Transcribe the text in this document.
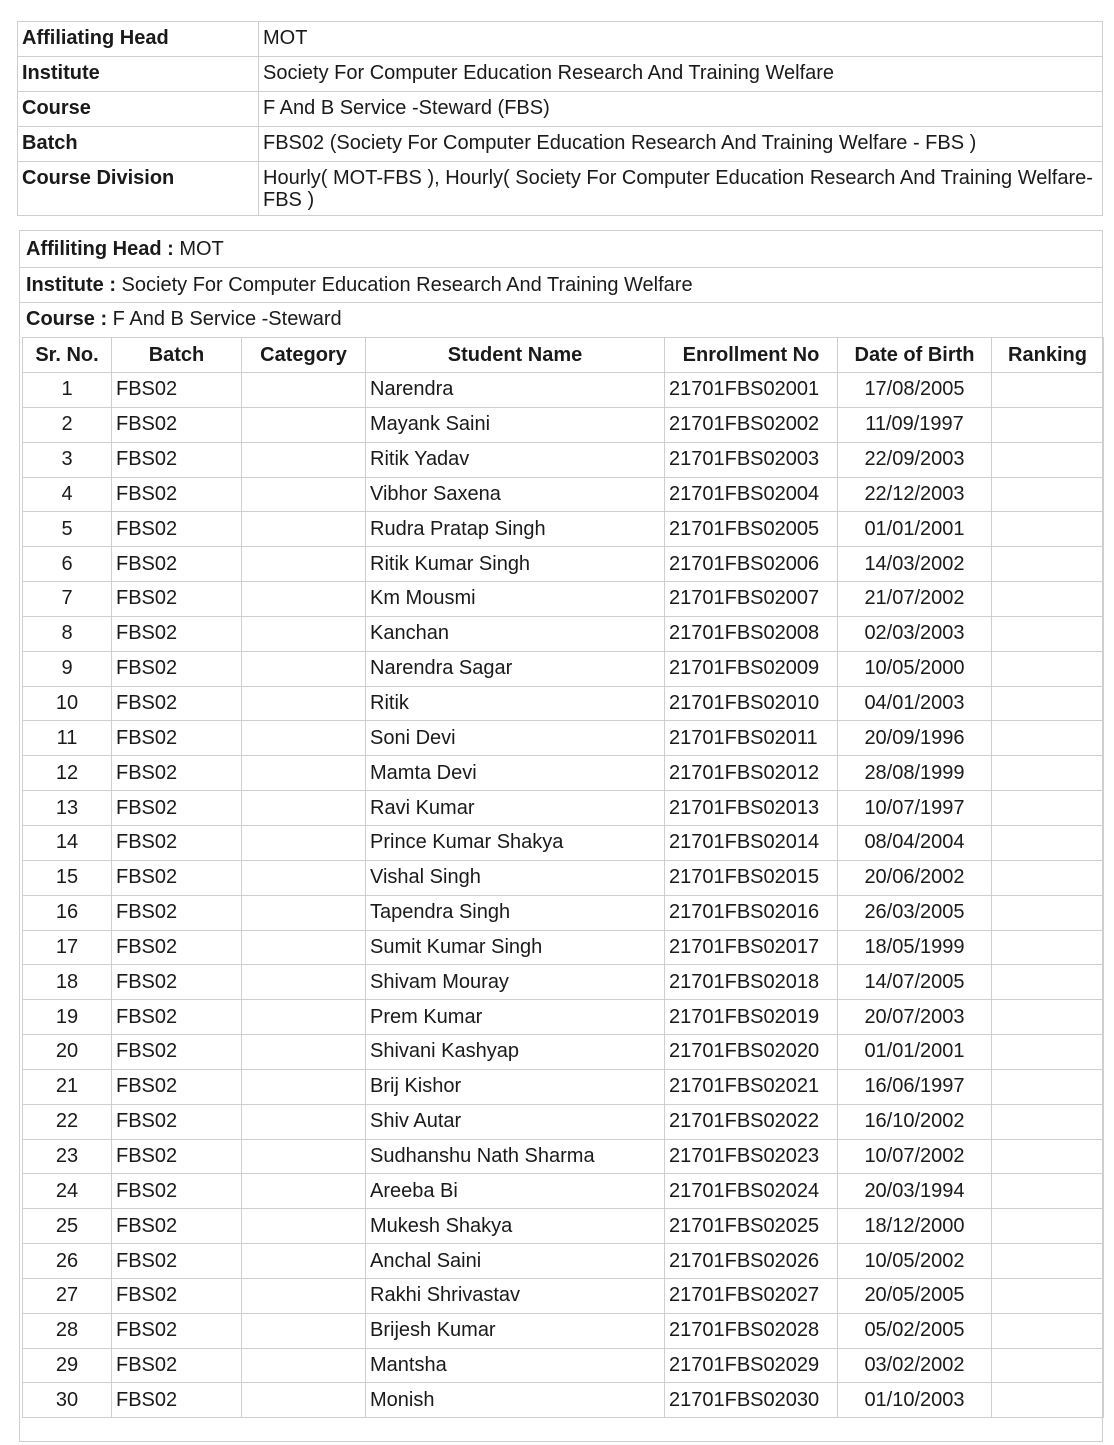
Affiliating Head	MOT
Institute	Society For Computer Education Research And Training Welfare
Course	F And B Service -Steward (FBS)
Batch	FBS02 (Society For Computer Education Research And Training Welfare - FBS )
Course Division	Hourly( MOT-FBS ), Hourly( Society For Computer Education Research And Training Welfare-FBS )
Affiliting Head : MOT
Institute : Society For Computer Education Research And Training Welfare
Course : F And B Service -Steward
Sr. No.	Batch	Category	Student Name	Enrollment No	Date of Birth	Ranking
1	FBS02		Narendra	21701FBS02001	17/08/2005	
2	FBS02		Mayank Saini	21701FBS02002	11/09/1997	
3	FBS02		Ritik Yadav	21701FBS02003	22/09/2003	
4	FBS02		Vibhor Saxena	21701FBS02004	22/12/2003	
5	FBS02		Rudra Pratap Singh	21701FBS02005	01/01/2001	
6	FBS02		Ritik Kumar Singh	21701FBS02006	14/03/2002	
7	FBS02		Km Mousmi	21701FBS02007	21/07/2002	
8	FBS02		Kanchan	21701FBS02008	02/03/2003	
9	FBS02		Narendra Sagar	21701FBS02009	10/05/2000	
10	FBS02		Ritik	21701FBS02010	04/01/2003	
11	FBS02		Soni Devi	21701FBS02011	20/09/1996	
12	FBS02		Mamta Devi	21701FBS02012	28/08/1999	
13	FBS02		Ravi Kumar	21701FBS02013	10/07/1997	
14	FBS02		Prince Kumar Shakya	21701FBS02014	08/04/2004	
15	FBS02		Vishal Singh	21701FBS02015	20/06/2002	
16	FBS02		Tapendra Singh	21701FBS02016	26/03/2005	
17	FBS02		Sumit Kumar Singh	21701FBS02017	18/05/1999	
18	FBS02		Shivam Mouray	21701FBS02018	14/07/2005	
19	FBS02		Prem Kumar	21701FBS02019	20/07/2003	
20	FBS02		Shivani Kashyap	21701FBS02020	01/01/2001	
21	FBS02		Brij Kishor	21701FBS02021	16/06/1997	
22	FBS02		Shiv Autar	21701FBS02022	16/10/2002	
23	FBS02		Sudhanshu Nath Sharma	21701FBS02023	10/07/2002	
24	FBS02		Areeba Bi	21701FBS02024	20/03/1994	
25	FBS02		Mukesh Shakya	21701FBS02025	18/12/2000	
26	FBS02		Anchal Saini	21701FBS02026	10/05/2002	
27	FBS02		Rakhi Shrivastav	21701FBS02027	20/05/2005	
28	FBS02		Brijesh Kumar	21701FBS02028	05/02/2005	
29	FBS02		Mantsha	21701FBS02029	03/02/2002	
30	FBS02		Monish	21701FBS02030	01/10/2003	
